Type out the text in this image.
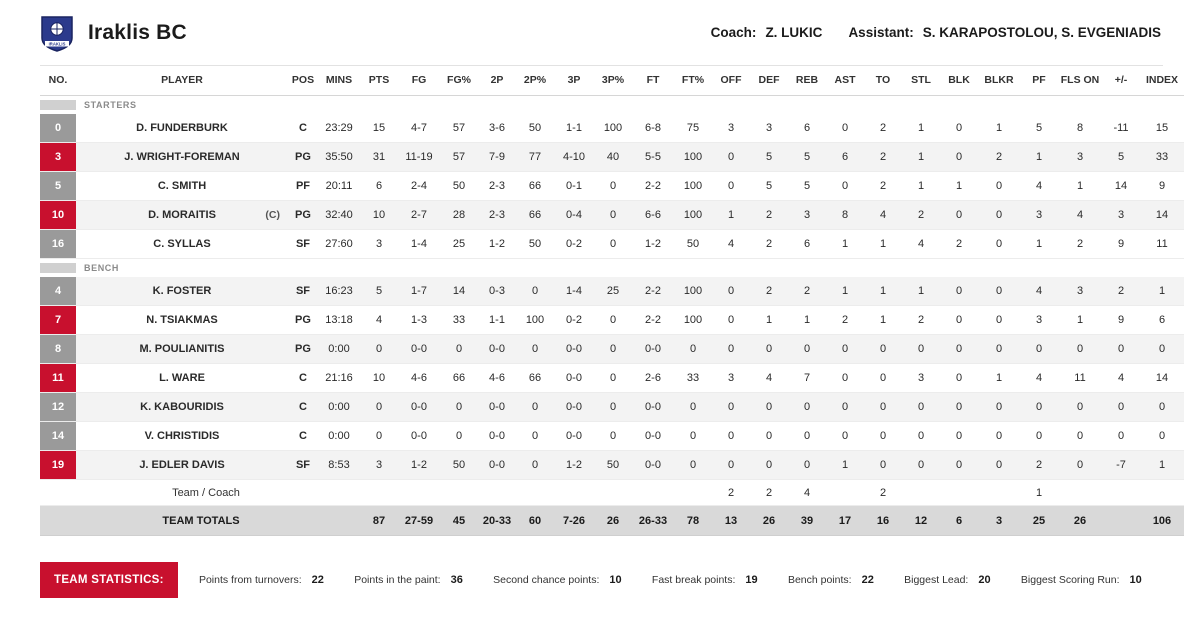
IRAKLIS
Iraklis BC	Coach: Z. LUKIC Assistant: S. KARAPOSTOLOU, S. EVGENIADIS
NO.	PLAYER	POS	MINS	PTS	FG	FG%	2P	2P%	3P	3P%	FT	FT%	OFF	DEF	REB	AST	TO	STL	BLK	BLKR	PF	FLS ON	+/-	INDEX

STARTERS																								

0	D. FUNDERBURK	C	23:29	15	4-7	57	3-6	50	1-1	100	6-8	75	3	3	6	0	2	1	0	1	5	8	-11	15

3	J. WRIGHT-FOREMAN	PG	35:50	31	11-19	57	7-9	77	4-10	40	5-5	100	0	5	5	6	2	1	0	2	1	3	5	33

5	C. SMITH	PF	20:11	6	2-4	50	2-3	66	0-1	0	2-2	100	0	5	5	0	2	1	1	0	4	1	14	9

10	D. MORAITIS (C)	PG	32:40	10	2-7	28	2-3	66	0-4	0	6-6	100	1	2	3	8	4	2	0	0	3	4	3	14

16	C. SYLLAS	SF	27:60	3	1-4	25	1-2	50	0-2	0	1-2	50	4	2	6	1	1	4	2	0	1	2	9	11

BENCH																								

4	K. FOSTER	SF	16:23	5	1-7	14	0-3	0	1-4	25	2-2	100	0	2	2	1	1	1	0	0	4	3	2	1

7	N. TSIAKMAS	PG	13:18	4	1-3	33	1-1	100	0-2	0	2-2	100	0	1	1	2	1	2	0	0	3	1	9	6

8	M. POULIANITIS	PG	0:00	0	0-0	0	0-0	0	0-0	0	0-0	0	0	0	0	0	0	0	0	0	0	0	0	0

11	L. WARE	C	21:16	10	4-6	66	4-6	66	0-0	0	2-6	33	3	4	7	0	0	3	0	1	4	11	4	14

12	K. KABOURIDIS	C	0:00	0	0-0	0	0-0	0	0-0	0	0-0	0	0	0	0	0	0	0	0	0	0	0	0	0

14	V. CHRISTIDIS	C	0:00	0	0-0	0	0-0	0	0-0	0	0-0	0	0	0	0	0	0	0	0	0	0	0	0	0

19	J. EDLER DAVIS	SF	8:53	3	1-2	50	0-0	0	1-2	50	0-0	0	0	0	0	1	0	0	0	0	2	0	-7	1
	Team / Coach												2	2	4		2				1			
	TEAM TOTALS			87	27-59	45	20-33	60	7-26	26	26-33	78	13	26	39	17	16	12	6	3	25	26		106
TEAM STATISTICS:	Points from turnovers: 22	Points in the paint: 36	Second chance points: 10	Fast break points: 19	Bench points: 22	Biggest Lead: 20	Biggest Scoring Run: 10
